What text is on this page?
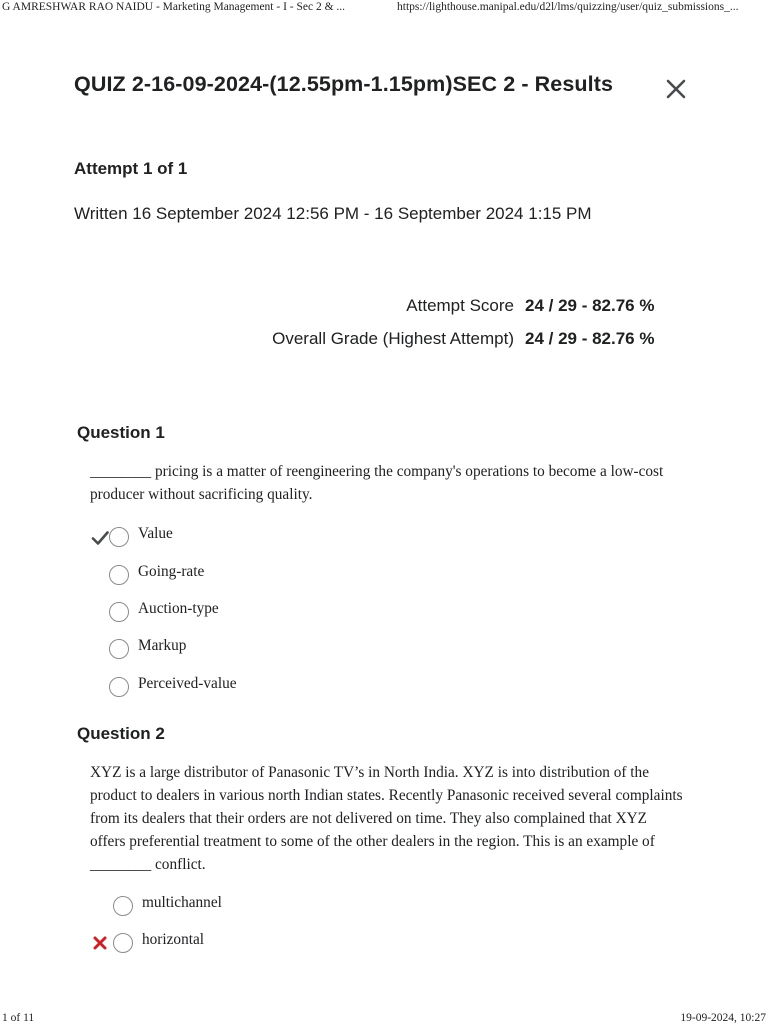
G AMRESHWAR RAO NAIDU - Marketing Management - I - Sec 2 & ...	https://lighthouse.manipal.edu/d2l/lms/quizzing/user/quiz_submissions_...
QUIZ 2-16-09-2024-(12.55pm-1.15pm)SEC 2 - Results
Attempt 1 of 1
Written 16 September 2024 12:56 PM - 16 September 2024 1:15 PM
Attempt Score 24 / 29 - 82.76 %
Overall Grade (Highest Attempt) 24 / 29 - 82.76 %
Question 1
________ pricing is a matter of reengineering the company's operations to become a low-cost
producer without sacrificing quality.
Value
Going-rate
Auction-type
Markup
Perceived-value
Question 2
XYZ is a large distributor of Panasonic TV’s in North India. XYZ is into distribution of the
product to dealers in various north Indian states. Recently Panasonic received several complaints
from its dealers that their orders are not delivered on time. They also complained that XYZ
offers preferential treatment to some of the other dealers in the region. This is an example of
________ conflict.
multichannel
horizontal
1 of 11	19-09-2024, 10:27
